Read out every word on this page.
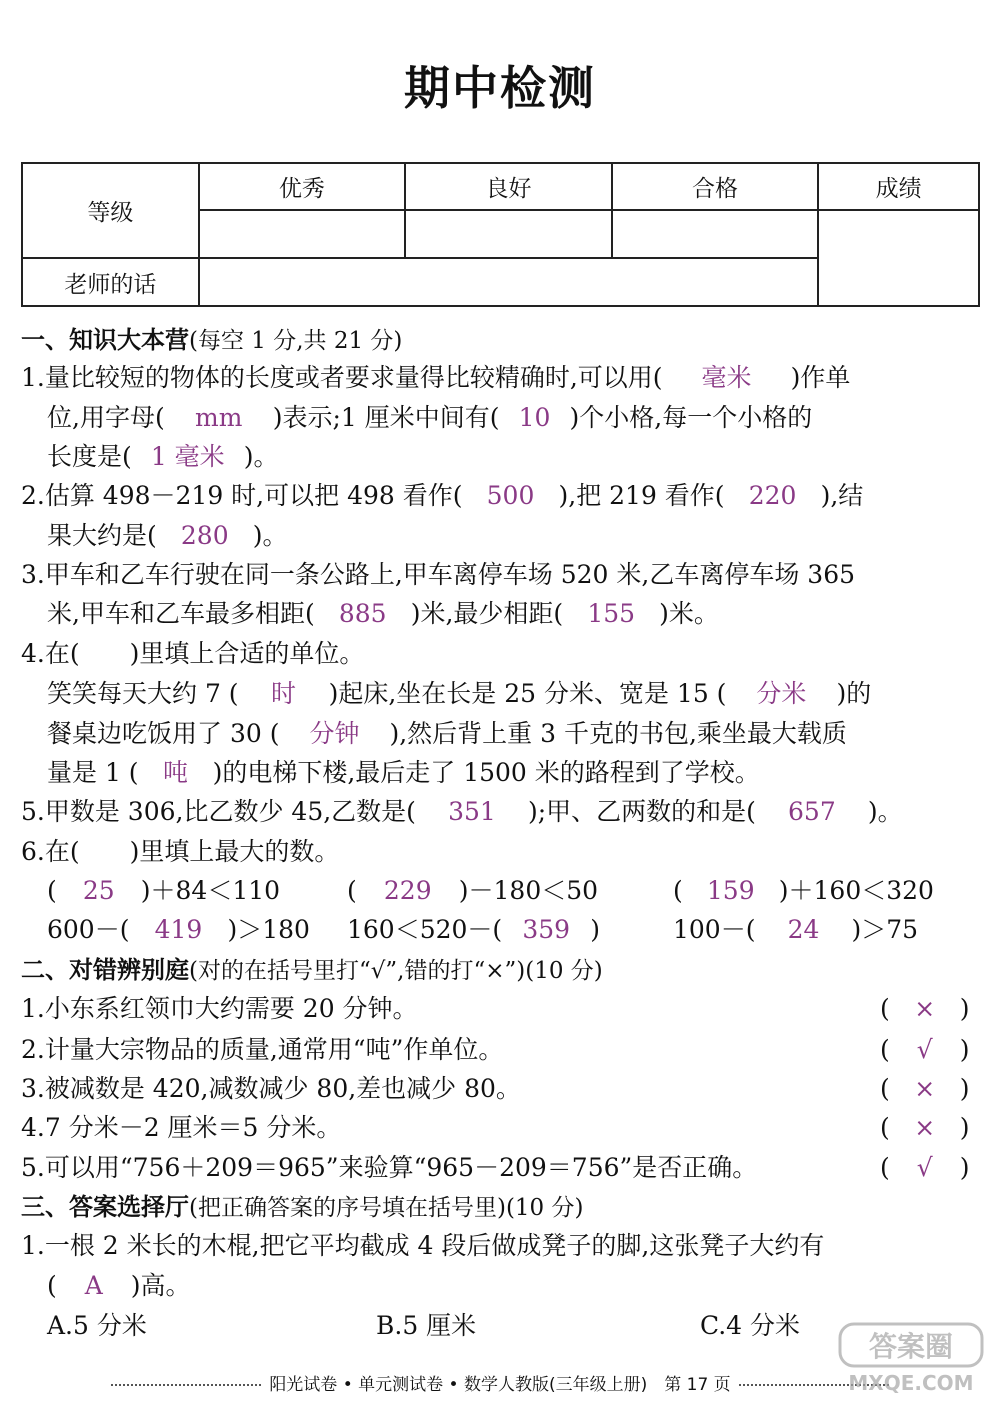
期中检测
等级	优秀	良好	合格	成绩

老师的话				
一、知识大本营(每空 1 分,共 21 分)
1.量比较短的物体的长度或者要求量得比较精确时,可以用( 毫米 )作单
位,用字母( mm )表示;1 厘米中间有( 10 )个小格,每一个小格的
长度是( 1 毫米 )。
2.估算 498－219 时,可以把 498 看作( 500 ),把 219 看作( 220 ),结
果大约是( 280 )。
3.甲车和乙车行驶在同一条公路上,甲车离停车场 520 米,乙车离停车场 365
米,甲车和乙车最多相距( 885 )米,最少相距( 155 )米。
4.在(　　)里填上合适的单位。
笑笑每天大约 7 ( 时 )起床,坐在长是 25 分米、宽是 15 ( 分米 )的
餐桌边吃饭用了 30 ( 分钟 ),然后背上重 3 千克的书包,乘坐最大载质
量是 1 ( 吨 )的电梯下楼,最后走了 1500 米的路程到了学校。
5.甲数是 306,比乙数少 45,乙数是( 351 );甲、乙两数的和是( 657 )。
6.在(　　)里填上最大的数。
( 25 )＋84＜110	( 229 )－180＜50	( 159 )＋160＜320
600－( 419 )＞180 160＜520－( 359 )	100－( 24 )＞75
二、对错辨别庭(对的在括号里打“√”,错的打“×”)(10 分)
1.小东系红领巾大约需要 20 分钟。	( × )
2.计量大宗物品的质量,通常用“吨”作单位。	( √ )
3.被减数是 420,减数减少 80,差也减少 80。	( × )
4.7 分米－2 厘米＝5 分米。	( × )
5.可以用“756＋209＝965”来验算“965－209＝756”是否正确。	( √ )
三、答案选择厅(把正确答案的序号填在括号里)(10 分)
1.一根 2 米长的木棍,把它平均截成 4 段后做成凳子的脚,这张凳子大约有
( A )高。
A.5 分米	B.5 厘米	C.4 分米
阳光试卷 • 单元测试卷 • 数学人教版(三年级上册)　第 17 页
答案圈
MXQE.COM
